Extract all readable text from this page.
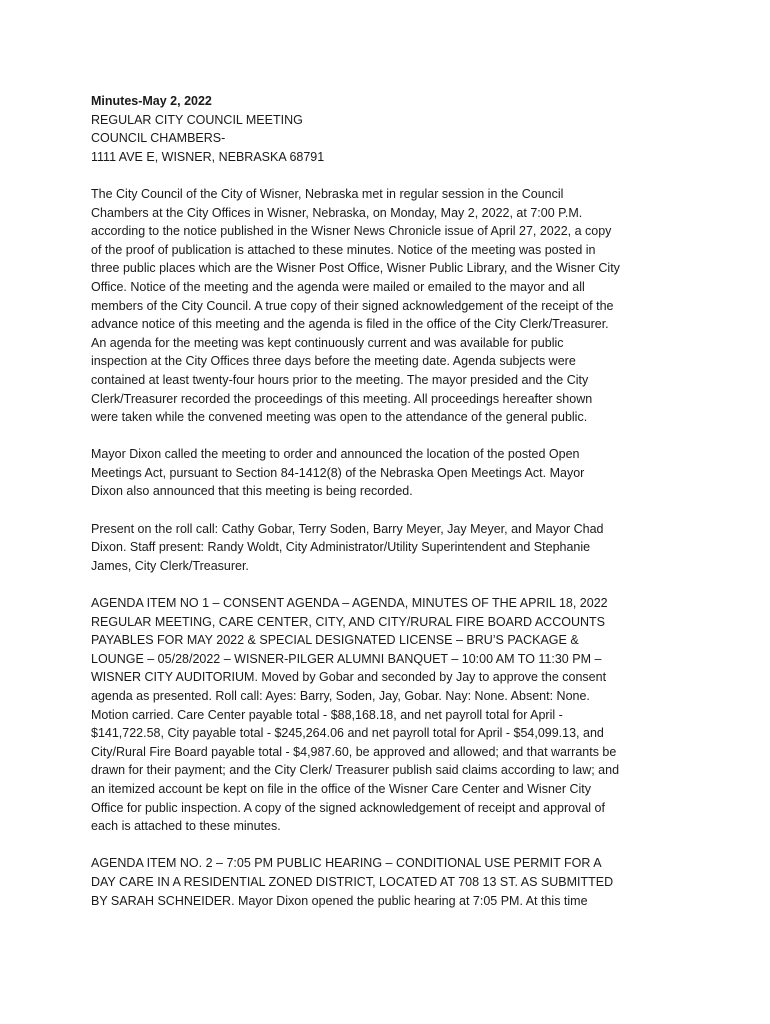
Minutes-May 2, 2022
REGULAR CITY COUNCIL MEETING
COUNCIL CHAMBERS-
1111 AVE E, WISNER, NEBRASKA 68791
The City Council of the City of Wisner, Nebraska met in regular session in the Council
Chambers at the City Offices in Wisner, Nebraska, on Monday, May 2, 2022, at 7:00 P.M.
according to the notice published in the Wisner News Chronicle issue of April 27, 2022, a copy
of the proof of publication is attached to these minutes. Notice of the meeting was posted in
three public places which are the Wisner Post Office, Wisner Public Library, and the Wisner City
Office. Notice of the meeting and the agenda were mailed or emailed to the mayor and all
members of the City Council. A true copy of their signed acknowledgement of the receipt of the
advance notice of this meeting and the agenda is filed in the office of the City Clerk/Treasurer.
An agenda for the meeting was kept continuously current and was available for public
inspection at the City Offices three days before the meeting date. Agenda subjects were
contained at least twenty-four hours prior to the meeting. The mayor presided and the City
Clerk/Treasurer recorded the proceedings of this meeting. All proceedings hereafter shown
were taken while the convened meeting was open to the attendance of the general public.
Mayor Dixon called the meeting to order and announced the location of the posted Open
Meetings Act, pursuant to Section 84-1412(8) of the Nebraska Open Meetings Act. Mayor
Dixon also announced that this meeting is being recorded.
Present on the roll call: Cathy Gobar, Terry Soden, Barry Meyer, Jay Meyer, and Mayor Chad
Dixon. Staff present: Randy Woldt, City Administrator/Utility Superintendent and Stephanie
James, City Clerk/Treasurer.
AGENDA ITEM NO 1 – CONSENT AGENDA – AGENDA, MINUTES OF THE APRIL 18, 2022
REGULAR MEETING, CARE CENTER, CITY, AND CITY/RURAL FIRE BOARD ACCOUNTS
PAYABLES FOR MAY 2022 & SPECIAL DESIGNATED LICENSE – BRU’S PACKAGE &
LOUNGE – 05/28/2022 – WISNER-PILGER ALUMNI BANQUET – 10:00 AM TO 11:30 PM –
WISNER CITY AUDITORIUM. Moved by Gobar and seconded by Jay to approve the consent
agenda as presented. Roll call: Ayes: Barry, Soden, Jay, Gobar. Nay: None. Absent: None.
Motion carried. Care Center payable total - $88,168.18, and net payroll total for April -
$141,722.58, City payable total - $245,264.06 and net payroll total for April - $54,099.13, and
City/Rural Fire Board payable total - $4,987.60, be approved and allowed; and that warrants be
drawn for their payment; and the City Clerk/ Treasurer publish said claims according to law; and
an itemized account be kept on file in the office of the Wisner Care Center and Wisner City
Office for public inspection. A copy of the signed acknowledgement of receipt and approval of
each is attached to these minutes.
AGENDA ITEM NO. 2 – 7:05 PM PUBLIC HEARING – CONDITIONAL USE PERMIT FOR A
DAY CARE IN A RESIDENTIAL ZONED DISTRICT, LOCATED AT 708 13 ST. AS SUBMITTED
BY SARAH SCHNEIDER. Mayor Dixon opened the public hearing at 7:05 PM. At this time
